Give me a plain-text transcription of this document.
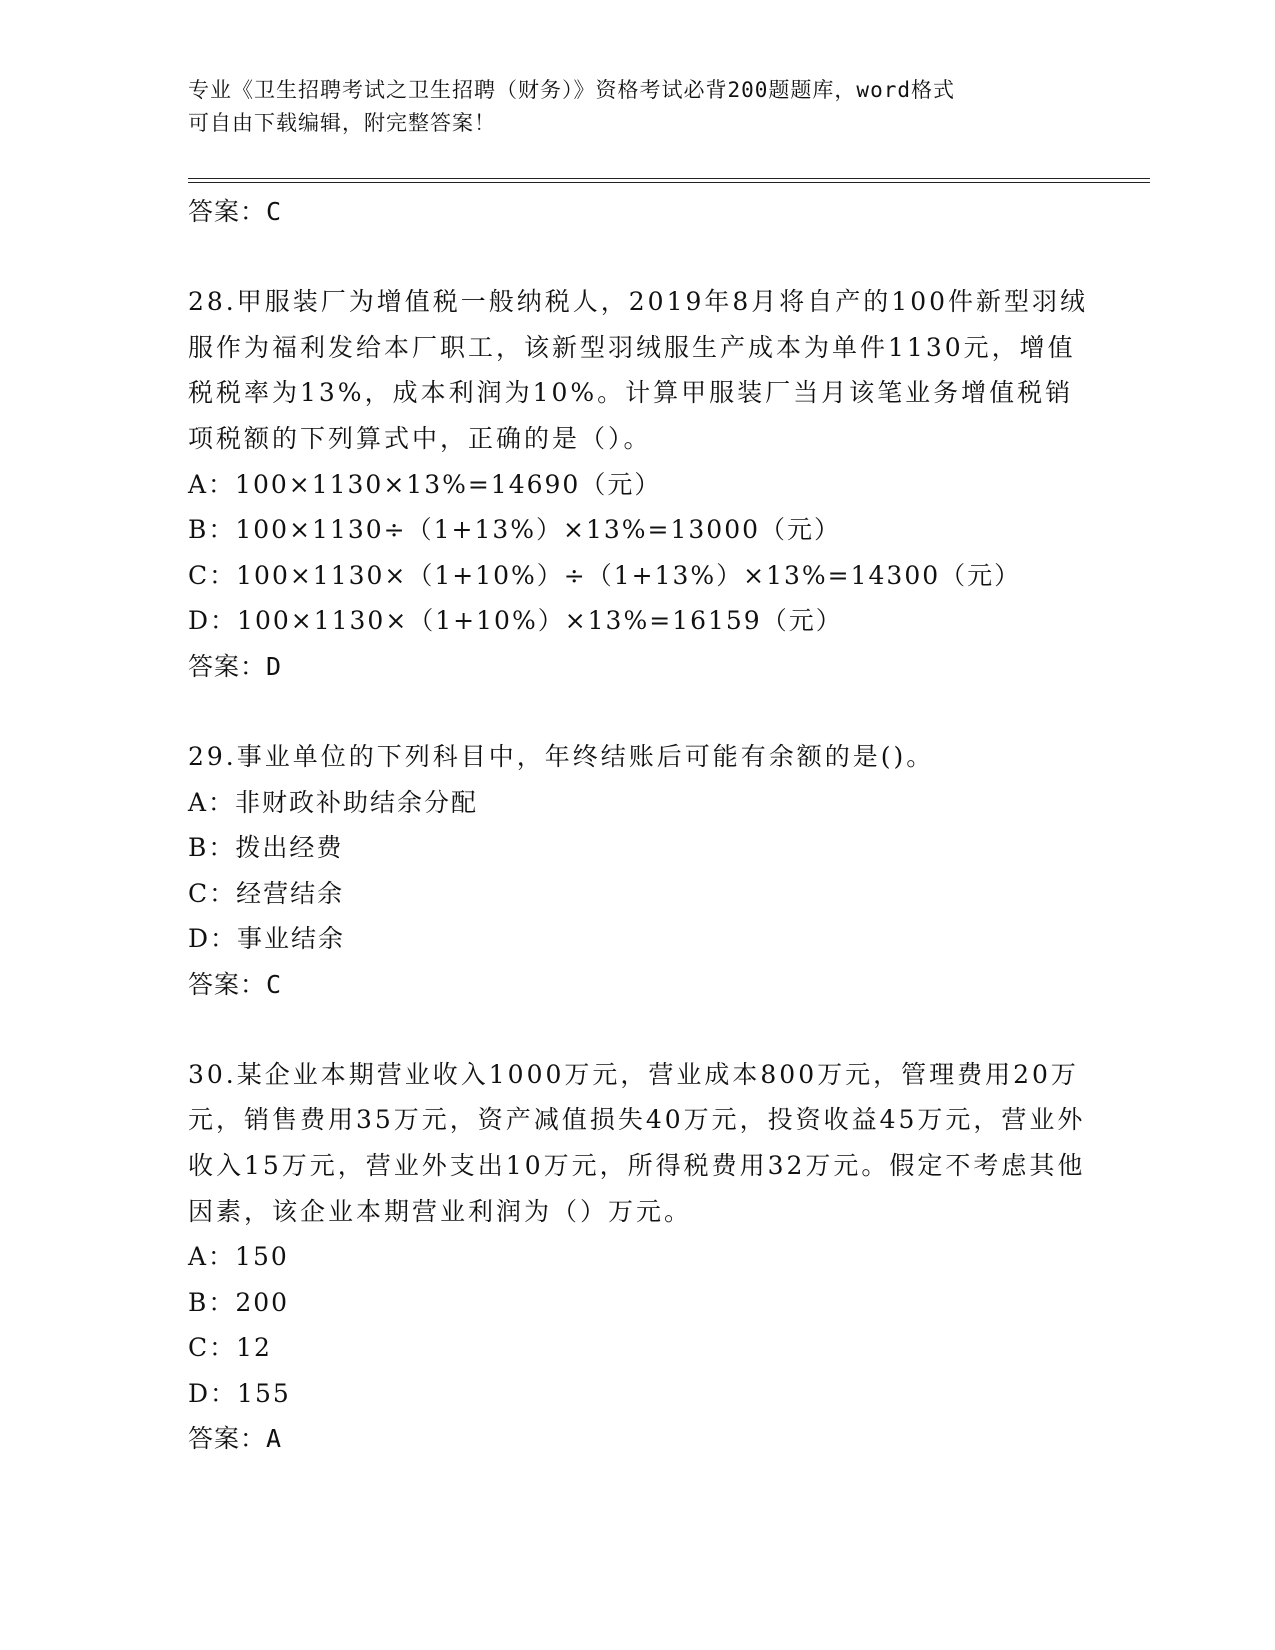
专业《卫生招聘考试之卫生招聘（财务）》资格考试必背200题题库，word格式
可自由下载编辑，附完整答案！
答案：C
28.甲服装厂为增值税一般纳税人，2019年8月将自产的100件新型羽绒服作为福利发给本厂职工，该新型羽绒服生产成本为单件1130元，增值税税率为13%，成本利润为10%。计算甲服装厂当月该笔业务增值税销项税额的下列算式中，正确的是（）。
A：100×1130×13%=14690（元）
B：100×1130÷（1+13%）×13%=13000（元）
C：100×1130×（1+10%）÷（1+13%）×13%=14300（元）
D：100×1130×（1+10%）×13%=16159（元）
答案：D
29.事业单位的下列科目中，年终结账后可能有余额的是()。
A：非财政补助结余分配
B：拨出经费
C：经营结余
D：事业结余
答案：C
30.某企业本期营业收入1000万元，营业成本800万元，管理费用20万元，销售费用35万元，资产减值损失40万元，投资收益45万元，营业外收入15万元，营业外支出10万元，所得税费用32万元。假定不考虑其他因素，该企业本期营业利润为（）万元。
A：150
B：200
C：12
D：155
答案：A
